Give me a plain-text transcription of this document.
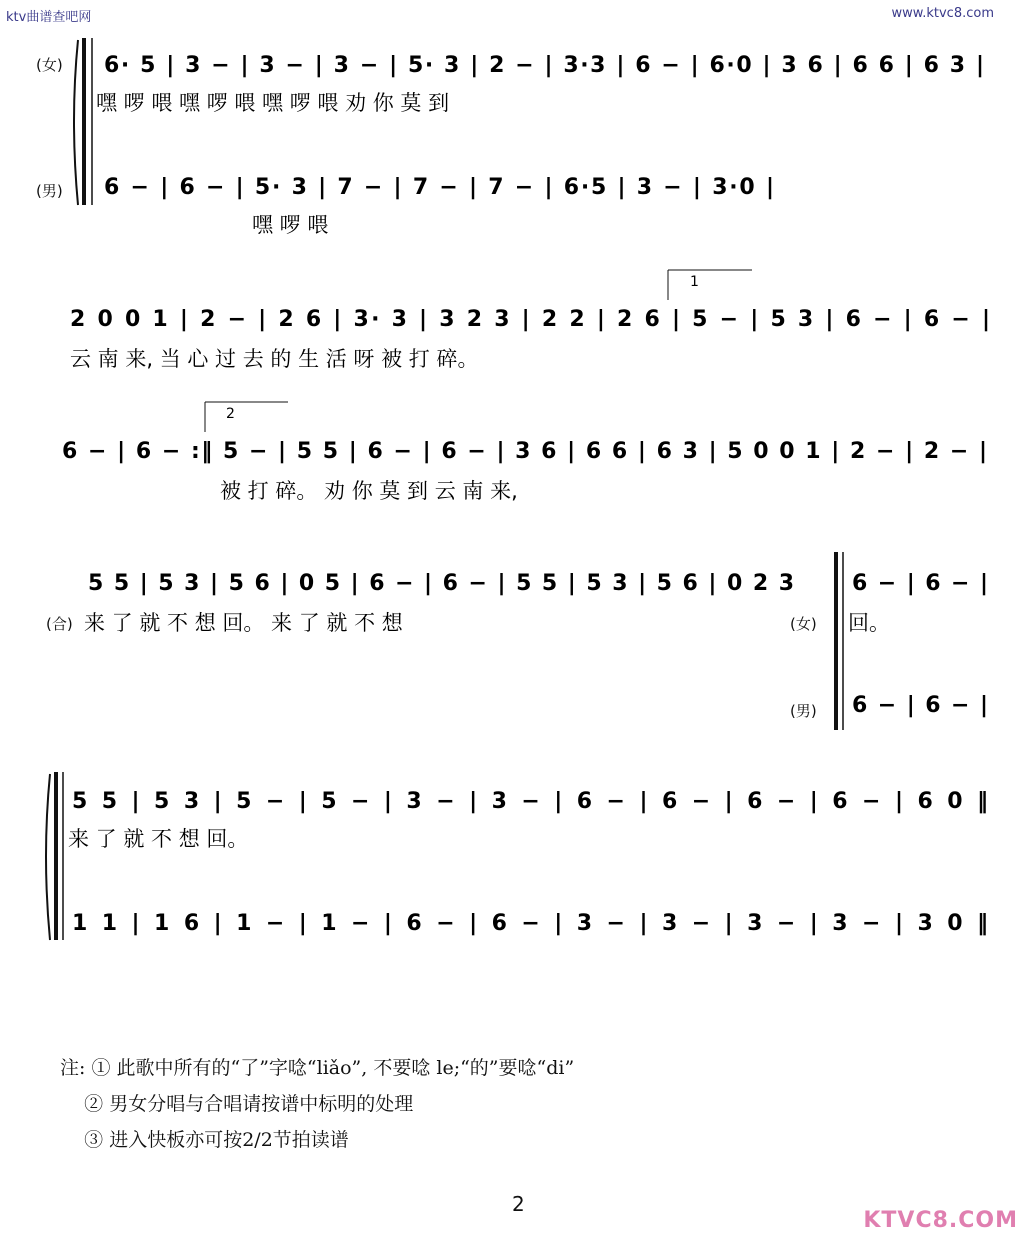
ktv曲谱查吧网	www.ktvc8.com
(女)
(男)
(合)	(女)
(男)
6· 5 | 3 − | 3 − | 3 − | 5· 3 | 2 − | 3·3 | 6 − | 6·0 | 3 6 | 6 6 | 6 3 |
嘿 啰 喂 嘿 啰 喂 嘿 啰 喂 劝 你 莫 到
6 − | 6 − | 5· 3 | 7 − | 7 − | 7 − | 6·5 | 3 − | 3·0 |
嘿 啰 喂
1
2 0 0 1 | 2 − | 2 6 | 3· 3 | 3 2 3 | 2 2 | 2 6 | 5 − | 5 3 | 6 − | 6 − |
云 南 来, 当 心 过 去 的 生 活 呀 被 打 碎。
2
6 − | 6 − :‖ 5 − | 5 5 | 6 − | 6 − | 3 6 | 6 6 | 6 3 | 5 0 0 1 | 2 − | 2 − |
被 打 碎。 劝 你 莫 到 云 南 来,
5 5 | 5 3 | 5 6 | 0 5 | 6 − | 6 − | 5 5 | 5 3 | 5 6 | 0 2 3
来 了 就 不 想 回。 来 了 就 不 想
6 − | 6 − |
回。
6 − | 6 − |
5 5 | 5 3 | 5 − | 5 − | 3 − | 3 − | 6 − | 6 − | 6 − | 6 − | 6 0 ‖
来 了 就 不 想 回。
1 1 | 1 6 | 1 − | 1 − | 6 − | 6 − | 3 − | 3 − | 3 − | 3 − | 3 0 ‖
注: ① 此歌中所有的“了”字唸“liǎo”, 不要唸 le;“的”要唸“di”
② 男女分唱与合唱请按谱中标明的处理
③ 进入快板亦可按2/2节拍读谱
2
KTVC8.COM
